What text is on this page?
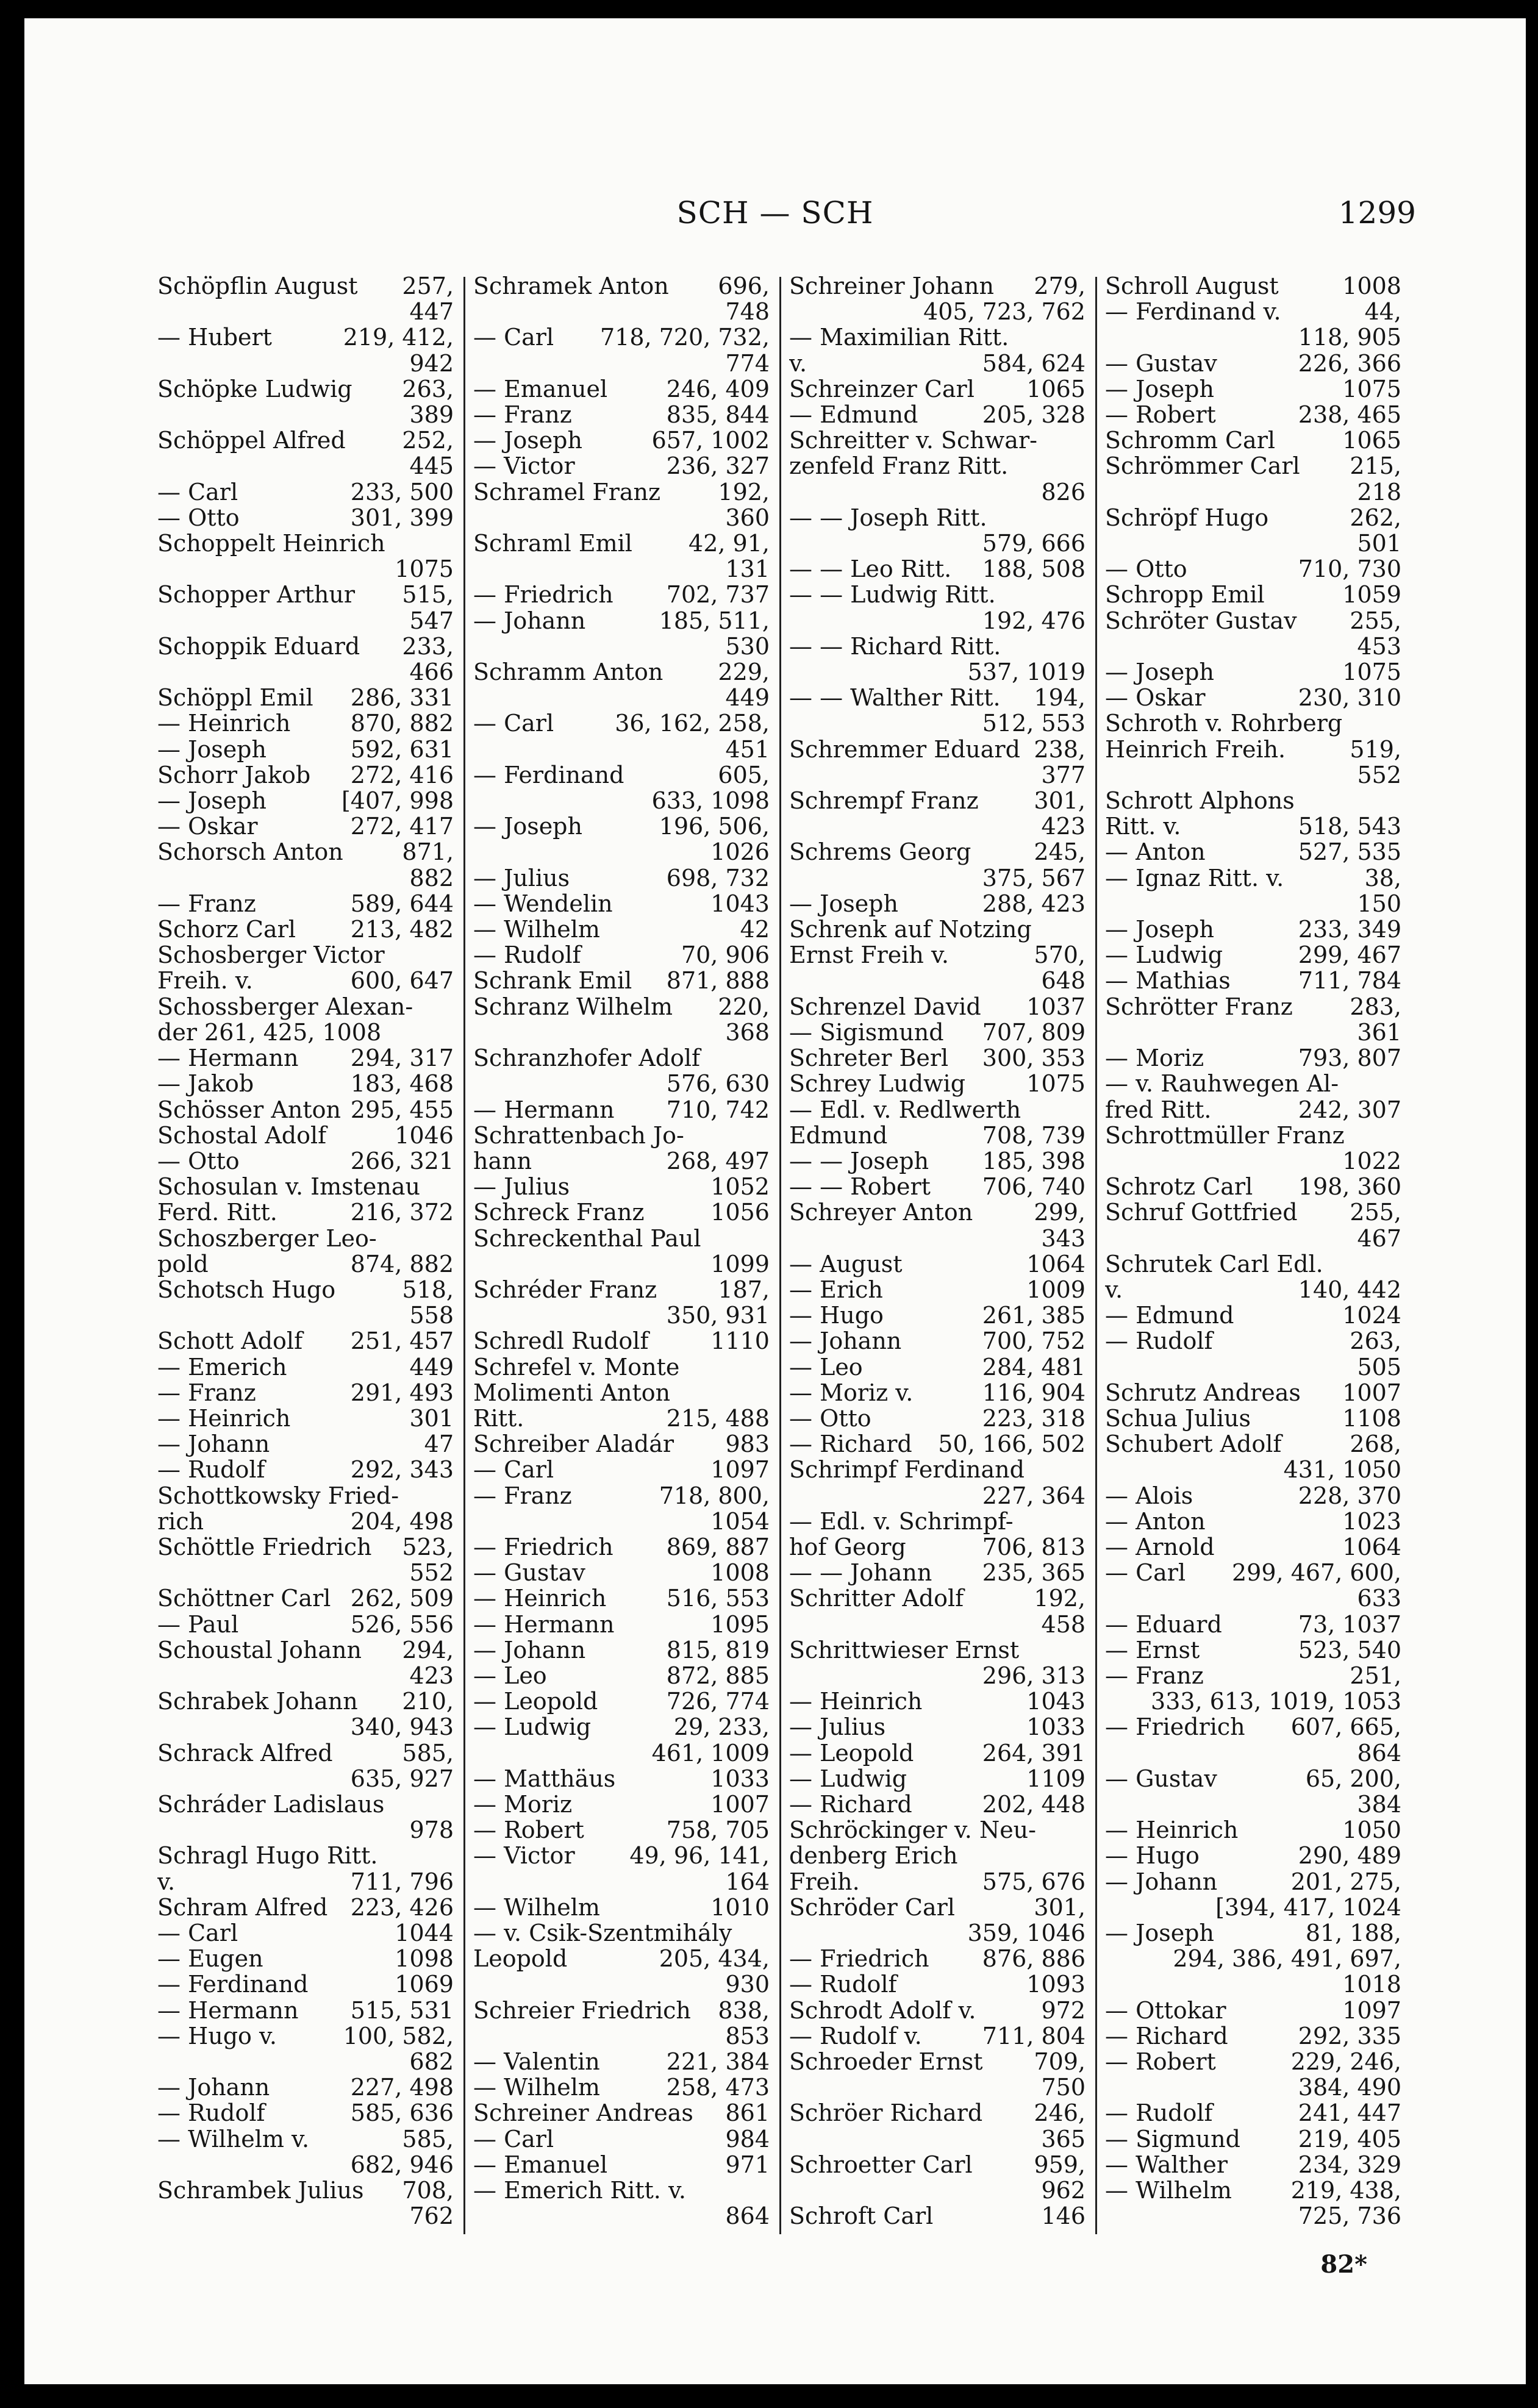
SCH — SCH	1299
Schöpflin August 257,
447
— Hubert	219, 412,
942
Schöpke Ludwig 263,
389
Schöppel Alfred 252,
445
— Carl	233, 500
— Otto	301, 399
Schoppelt Heinrich
1075
Schopper Arthur 515,
547
Schoppik Eduard 233,
466
Schöppl Emil 286, 331
— Heinrich	870, 882
— Joseph	592, 631
Schorr Jakob 272, 416
— Joseph	[407, 998
— Oskar	272, 417
Schorsch Anton	871,
882
— Franz	589, 644
Schorz Carl 213, 482
Schosberger Victor
Freih. v.	600, 647
Schossberger Alexan-
der 261, 425, 1008
— Hermann 294, 317
— Jakob	183, 468
Schösser Anton 295, 455
Schostal Adolf	1046
— Otto	266, 321
Schosulan v. Imstenau
Ferd. Ritt.	216, 372
Schoszberger Leo-
pold	874, 882
Schotsch Hugo	518,
558
Schott Adolf 251, 457
— Emerich	449
— Franz	291, 493
— Heinrich	301
— Johann	47
— Rudolf	292, 343
Schottkowsky Fried-
rich	204, 498
Schöttle Friedrich 523,
552
Schöttner Carl 262, 509
— Paul	526, 556
Schoustal Johann 294,
423
Schrabek Johann 210,
340, 943
Schrack Alfred	585,
635, 927
Schráder Ladislaus
978
Schragl Hugo Ritt.
v.	711, 796
Schram Alfred 223, 426
— Carl	1044
— Eugen	1098
— Ferdinand	1069
— Hermann 515, 531
— Hugo v.	100, 582,
682
— Johann	227, 498
— Rudolf	585, 636
— Wilhelm v.	585,
682, 946
Schrambek Julius 708,
762
Schramek Anton 696,
748
— Carl 718, 720, 732,
774
— Emanuel	246, 409
— Franz	835, 844
— Joseph	657, 1002
— Victor	236, 327
Schramel Franz 192,
360
Schraml Emil 42, 91,
131
— Friedrich 702, 737
— Johann	185, 511,
530
Schramm Anton 229,
449
— Carl	36, 162, 258,
451
— Ferdinand	605,
633, 1098
— Joseph	196, 506,
1026
— Julius	698, 732
— Wendelin	1043
— Wilhelm	42
— Rudolf	70, 906
Schrank Emil 871, 888
Schranz Wilhelm 220,
368
Schranzhofer Adolf
576, 630
— Hermann 710, 742
Schrattenbach Jo-
hann	268, 497
— Julius	1052
Schreck Franz	1056
Schreckenthal Paul
1099
Schréder Franz	187,
350, 931
Schredl Rudolf	1110
Schrefel v. Monte
Molimenti Anton
Ritt.	215, 488
Schreiber Aladár 983
— Carl	1097
— Franz	718, 800,
1054
— Friedrich 869, 887
— Gustav	1008
— Heinrich	516, 553
— Hermann	1095
— Johann	815, 819
— Leo	872, 885
— Leopold	726, 774
— Ludwig	29, 233,
461, 1009
— Matthäus	1033
— Moriz	1007
— Robert	758, 705
— Victor 49, 96, 141,
164
— Wilhelm	1010
— v. Csik-Szentmihály
Leopold	205, 434,
930
Schreier Friedrich 838,
853
— Valentin	221, 384
— Wilhelm	258, 473
Schreiner Andreas 861
— Carl	984
— Emanuel	971
— Emerich Ritt. v.
864
Schreiner Johann 279,
405, 723, 762
— Maximilian Ritt.
v.	584, 624
Schreinzer Carl 1065
— Edmund	205, 328
Schreitter v. Schwar-
zenfeld Franz Ritt.
826
— — Joseph Ritt.
579, 666
— — Leo Ritt. 188, 508
— — Ludwig Ritt.
192, 476
— — Richard Ritt.
537, 1019
— — Walther Ritt. 194,
512, 553
Schremmer Eduard 238,
377
Schrempf Franz 301,
423
Schrems Georg	245,
375, 567
— Joseph	288, 423
Schrenk auf Notzing
Ernst Freih v.	570,
648
Schrenzel David 1037
— Sigismund 707, 809
Schreter Berl 300, 353
Schrey Ludwig	1075
— Edl. v. Redlwerth
Edmund	708, 739
— — Joseph 185, 398
— — Robert 706, 740
Schreyer Anton	299,
343
— August	1064
— Erich	1009
— Hugo	261, 385
— Johann	700, 752
— Leo	284, 481
— Moriz v.	116, 904
— Otto	223, 318
— Richard 50, 166, 502
Schrimpf Ferdinand
227, 364
— Edl. v. Schrimpf-
hof Georg	706, 813
— — Johann 235, 365
Schritter Adolf	192,
458
Schrittwieser Ernst
296, 313
— Heinrich	1043
— Julius	1033
— Leopold	264, 391
— Ludwig	1109
— Richard	202, 448
Schröckinger v. Neu-
denberg Erich
Freih.	575, 676
Schröder Carl	301,
359, 1046
— Friedrich 876, 886
— Rudolf	1093
Schrodt Adolf v.	972
— Rudolf v.	711, 804
Schroeder Ernst 709,
750
Schröer Richard 246,
365
Schroetter Carl	959,
962
Schroft Carl	146
Schroll August	1008
— Ferdinand v.	44,
118, 905
— Gustav	226, 366
— Joseph	1075
— Robert	238, 465
Schromm Carl	1065
Schrömmer Carl 215,
218
Schröpf Hugo	262,
501
— Otto	710, 730
Schropp Emil	1059
Schröter Gustav 255,
453
— Joseph	1075
— Oskar	230, 310
Schroth v. Rohrberg
Heinrich Freih.	519,
552
Schrott Alphons
Ritt. v.	518, 543
— Anton	527, 535
— Ignaz Ritt. v.	38,
150
— Joseph	233, 349
— Ludwig	299, 467
— Mathias	711, 784
Schrötter Franz 283,
361
— Moriz	793, 807
— v. Rauhwegen Al-
fred Ritt.	242, 307
Schrottmüller Franz
1022
Schrotz Carl 198, 360
Schruf Gottfried 255,
467
Schrutek Carl Edl.
v.	140, 442
— Edmund	1024
— Rudolf	263,
505
Schrutz Andreas 1007
Schua Julius	1108
Schubert Adolf	268,
431, 1050
— Alois	228, 370
— Anton	1023
— Arnold	1064
— Carl 299, 467, 600,
633
— Eduard	73, 1037
— Ernst	523, 540
— Franz	251,
333, 613, 1019, 1053
— Friedrich 607, 665,
864
— Gustav	65, 200,
384
— Heinrich	1050
— Hugo	290, 489
— Johann	201, 275,
[394, 417, 1024
— Joseph	81, 188,
294, 386, 491, 697,
1018
— Ottokar	1097
— Richard	292, 335
— Robert	229, 246,
384, 490
— Rudolf	241, 447
— Sigmund 219, 405
— Walther	234, 329
— Wilhelm	219, 438,
725, 736
82*
